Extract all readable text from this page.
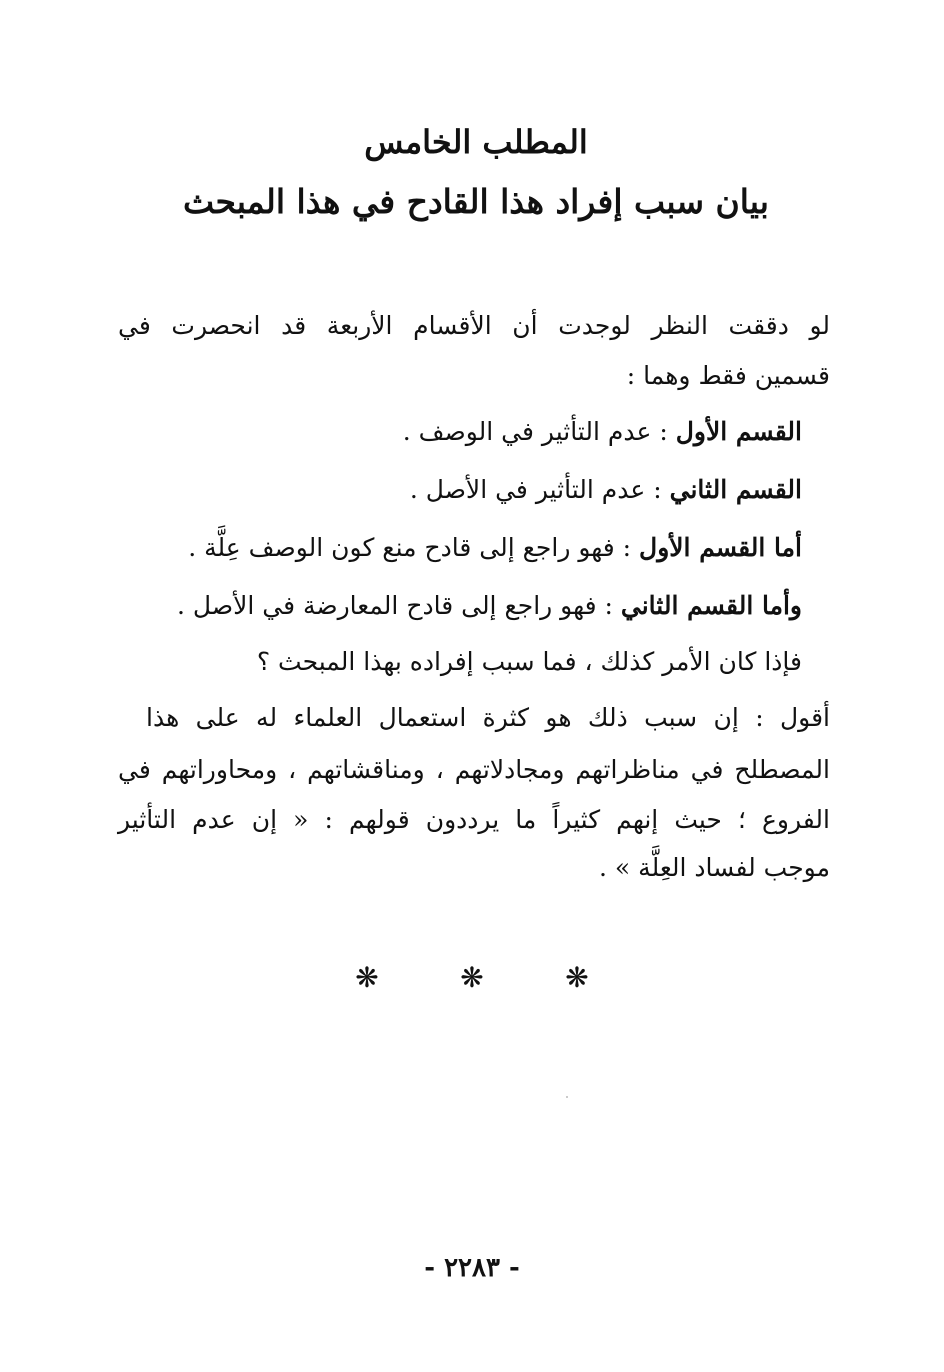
المطلب الخامس
بيان سبب إفراد هذا القادح في هذا المبحث
لو دققت النظر لوجدت أن الأقسام الأربعة قد انحصرت في
قسمين فقط وهما :
القسم الأول : عدم التأثير في الوصف .
القسم الثاني : عدم التأثير في الأصل .
أما القسم الأول : فهو راجع إلى قادح منع كون الوصف عِلَّة .
وأما القسم الثاني : فهو راجع إلى قادح المعارضة في الأصل .
فإذا كان الأمر كذلك ، فما سبب إفراده بهذا المبحث ؟
أقول : إن سبب ذلك هو كثرة استعمال العلماء له على هذا
المصطلح في مناظراتهم ومجادلاتهم ، ومناقشاتهم ، ومحاوراتهم في
الفروع ؛ حيث إنهم كثيراً ما يرددون قولهم : « إن عدم التأثير
موجب لفساد العِلَّة » .
❋	❋	❋
- ٢٢٨٣ -
